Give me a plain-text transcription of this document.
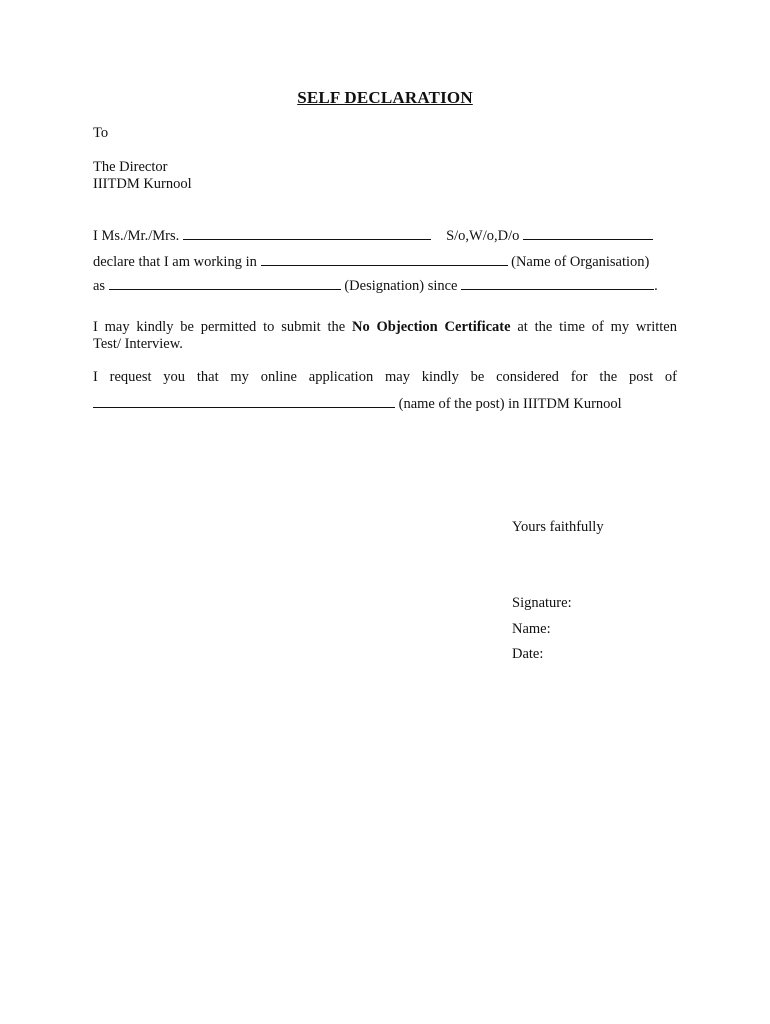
SELF DECLARATION
To
The Director
IIITDM Kurnool
I Ms./Mr./Mrs.	S/o,W/o,D/o
declare that I am working in	(Name of Organisation)
as	(Designation) since	.
I may kindly be permitted to submit the No Objection Certificate at the time of my written
Test/ Interview.
I request you that my online application may kindly be considered for the post of
(name of the post) in IIITDM Kurnool
Yours faithfully
Signature:
Name:
Date:
